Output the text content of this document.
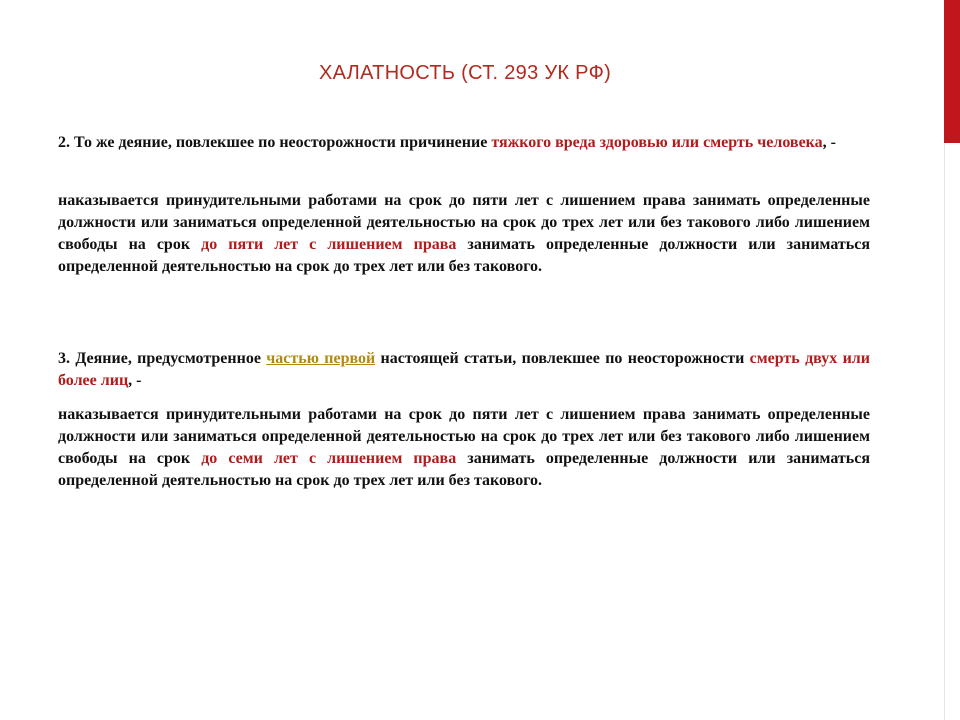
ХАЛАТНОСТЬ (СТ. 293 УК РФ)
2. То же деяние, повлекшее по неосторожности причинение тяжкого вреда здоровью или смерть человека, -
наказывается принудительными работами на срок до пяти лет с лишением права занимать определенные должности или заниматься определенной деятельностью на срок до трех лет или без такового либо лишением свободы на срок до пяти лет с лишением права занимать определенные должности или заниматься определенной деятельностью на срок до трех лет или без такового.
3. Деяние, предусмотренное частью первой настоящей статьи, повлекшее по неосторожности смерть двух или более лиц, -
наказывается принудительными работами на срок до пяти лет с лишением права занимать определенные должности или заниматься определенной деятельностью на срок до трех лет или без такового либо лишением свободы на срок до семи лет с лишением права занимать определенные должности или заниматься определенной деятельностью на срок до трех лет или без такового.
